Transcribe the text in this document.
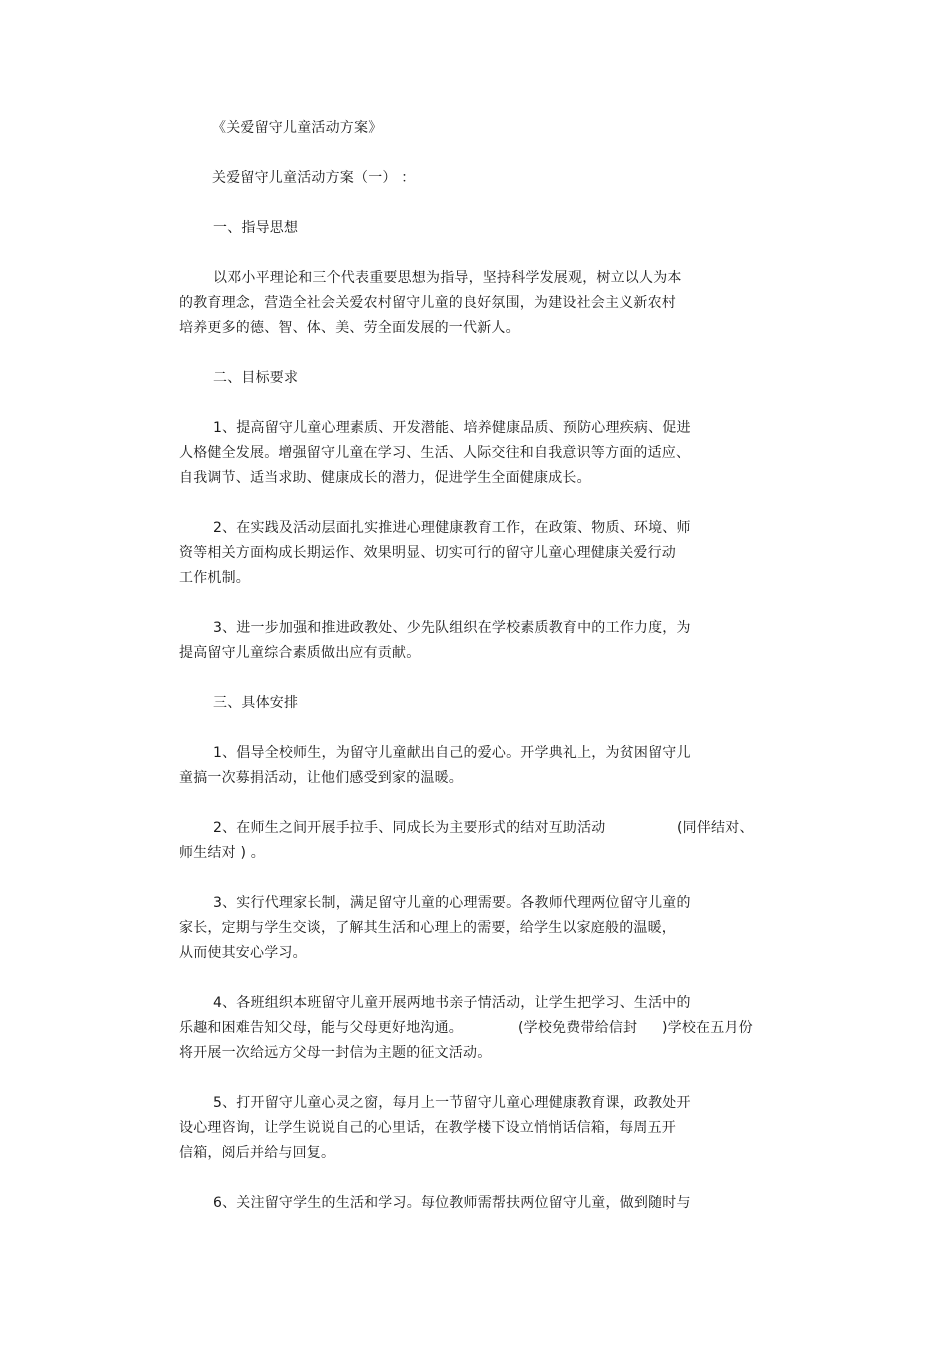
《关爱留守儿童活动方案》
关爱留守儿童活动方案（一） ：
一、指导思想
以邓小平理论和三个代表重要思想为指导，坚持科学发展观，树立以人为本
的教育理念，营造全社会关爱农村留守儿童的良好氛围，为建设社会主义新农村
培养更多的德、智、体、美、劳全面发展的一代新人。
二、目标要求
1、提高留守儿童心理素质、开发潜能、培养健康品质、预防心理疾病、促进
人格健全发展。增强留守儿童在学习、生活、人际交往和自我意识等方面的适应、
自我调节、适当求助、健康成长的潜力，促进学生全面健康成长。
2、在实践及活动层面扎实推进心理健康教育工作，在政策、物质、环境、师
资等相关方面构成长期运作、效果明显、切实可行的留守儿童心理健康关爱行动
工作机制。
3、进一步加强和推进政教处、少先队组织在学校素质教育中的工作力度，为
提高留守儿童综合素质做出应有贡献。
三、具体安排
1、倡导全校师生，为留守儿童献出自己的爱心。开学典礼上，为贫困留守儿
童搞一次募捐活动，让他们感受到家的温暖。
2、在师生之间开展手拉手、同成长为主要形式的结对互助活动	(同伴结对、
师生结对 ) 。
3、实行代理家长制，满足留守儿童的心理需要。各教师代理两位留守儿童的
家长，定期与学生交谈，了解其生活和心理上的需要，给学生以家庭般的温暖，
从而使其安心学习。
4、各班组织本班留守儿童开展两地书亲子情活动，让学生把学习、生活中的
乐趣和困难告知父母，能与父母更好地沟通。	(学校免费带给信封 )学校在五月份
将开展一次给远方父母一封信为主题的征文活动。
5、打开留守儿童心灵之窗，每月上一节留守儿童心理健康教育课，政教处开
设心理咨询，让学生说说自己的心里话，在教学楼下设立悄悄话信箱，每周五开
信箱，阅后并给与回复。
6、关注留守学生的生活和学习。每位教师需帮扶两位留守儿童，做到随时与
